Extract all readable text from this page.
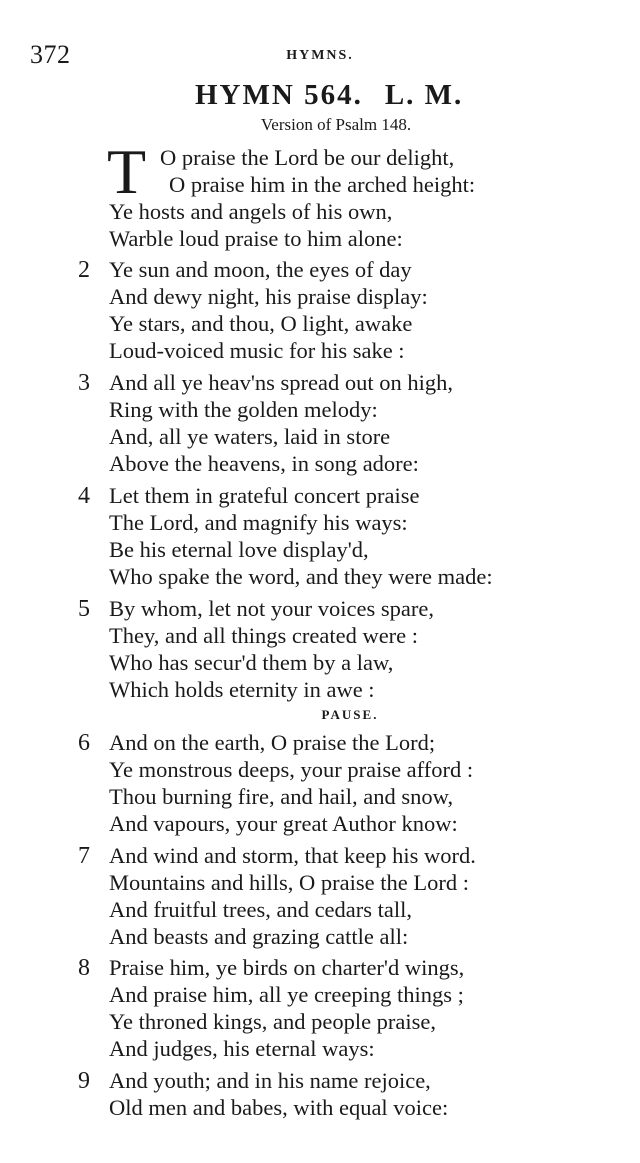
372	HYMNS.
HYMN 564. L. M.
Version of Psalm 148.
T O praise the Lord be our delight,
O praise him in the arched height:
Ye hosts and angels of his own,
Warble loud praise to him alone:
2 Ye sun and moon, the eyes of day
And dewy night, his praise display:
Ye stars, and thou, O light, awake
Loud-voiced music for his sake :
3 And all ye heav'ns spread out on high,
Ring with the golden melody:
And, all ye waters, laid in store
Above the heavens, in song adore:
4 Let them in grateful concert praise
The Lord, and magnify his ways:
Be his eternal love display'd,
Who spake the word, and they were made:
5 By whom, let not your voices spare,
They, and all things created were :
Who has secur'd them by a law,
Which holds eternity in awe :
PAUSE.
6 And on the earth, O praise the Lord;
Ye monstrous deeps, your praise afford :
Thou burning fire, and hail, and snow,
And vapours, your great Author know:
7 And wind and storm, that keep his word.
Mountains and hills, O praise the Lord :
And fruitful trees, and cedars tall,
And beasts and grazing cattle all:
8 Praise him, ye birds on charter'd wings,
And praise him, all ye creeping things ;
Ye throned kings, and people praise,
And judges, his eternal ways:
9 And youth; and in his name rejoice,
Old men and babes, with equal voice:
